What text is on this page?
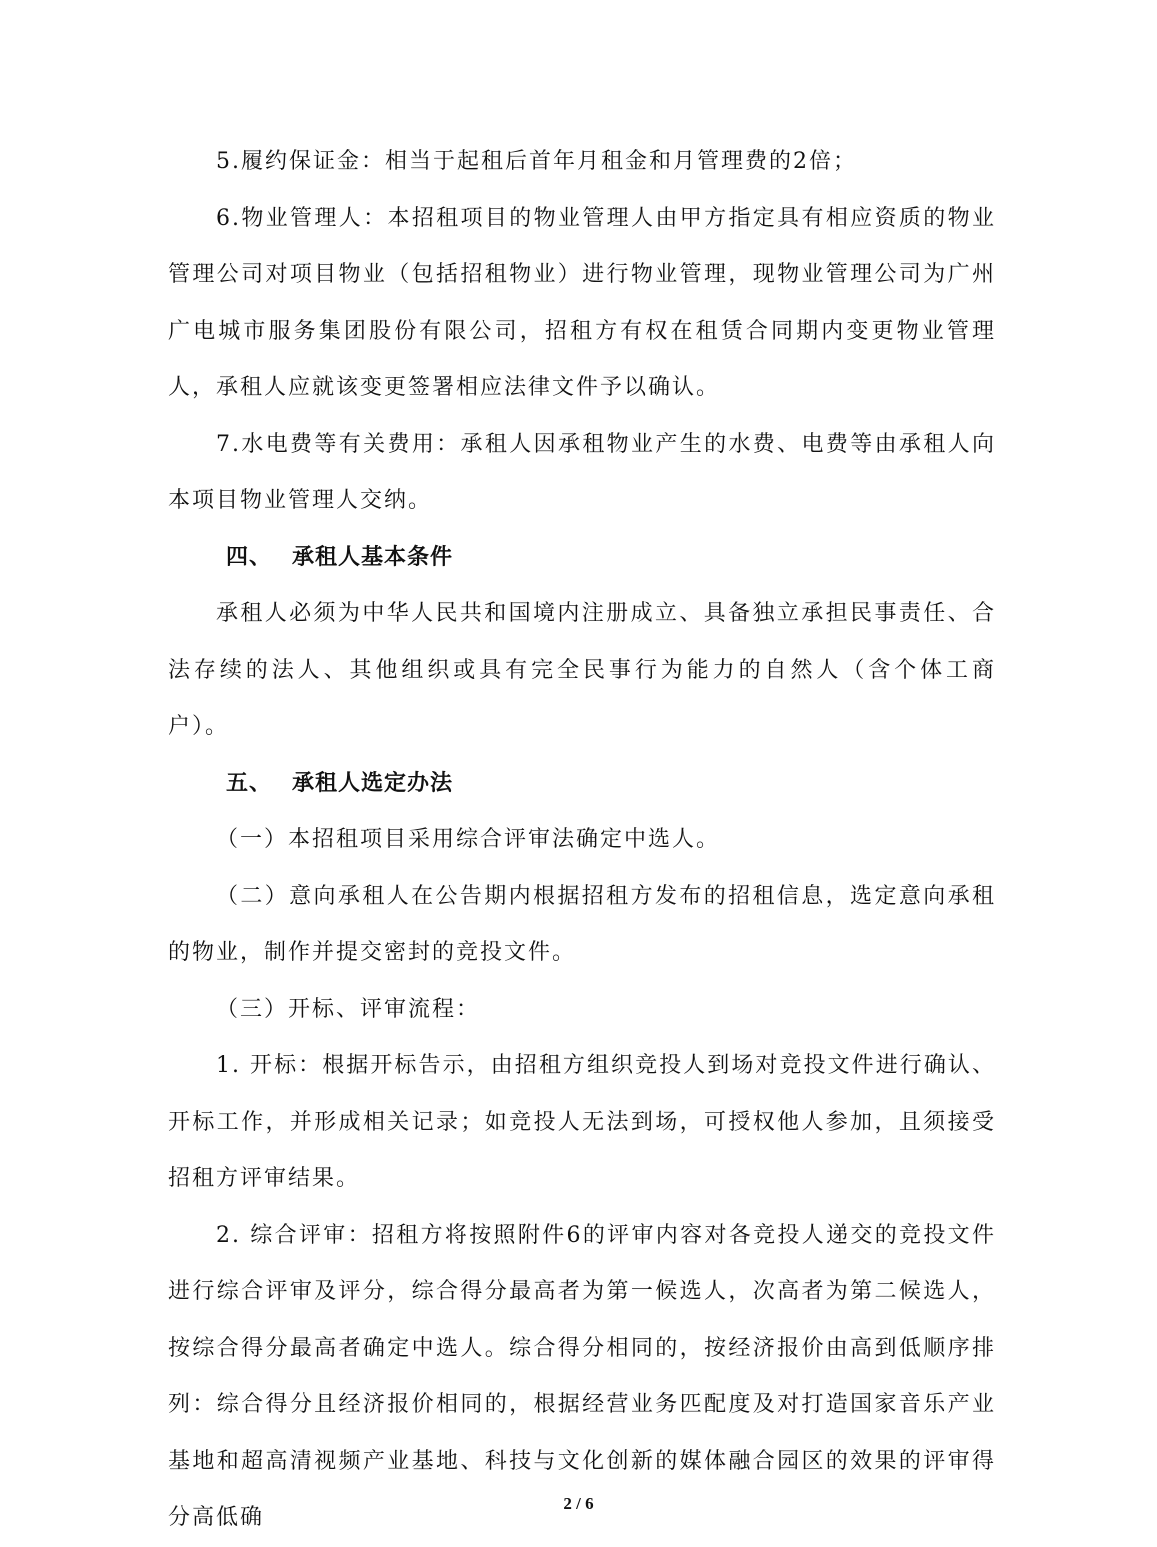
5.履约保证金：相当于起租后首年月租金和月管理费的2倍；

6.物业管理人：本招租项目的物业管理人由甲方指定具有相应资质的物业管理公司对项目物业（包括招租物业）进行物业管理，现物业管理公司为广州广电城市服务集团股份有限公司，招租方有权在租赁合同期内变更物业管理人，承租人应就该变更签署相应法律文件予以确认。

7.水电费等有关费用：承租人因承租物业产生的水费、电费等由承租人向本项目物业管理人交纳。

四、 承租人基本条件

承租人必须为中华人民共和国境内注册成立、具备独立承担民事责任、合法存续的法人、其他组织或具有完全民事行为能力的自然人（含个体工商户）。

五、 承租人选定办法

（一）本招租项目采用综合评审法确定中选人。

（二）意向承租人在公告期内根据招租方发布的招租信息，选定意向承租的物业，制作并提交密封的竞投文件。

（三）开标、评审流程：

1. 开标：根据开标告示，由招租方组织竞投人到场对竞投文件进行确认、开标工作，并形成相关记录；如竞投人无法到场，可授权他人参加，且须接受招租方评审结果。

2. 综合评审：招租方将按照附件6的评审内容对各竞投人递交的竞投文件进行综合评审及评分，综合得分最高者为第一候选人，次高者为第二候选人，按综合得分最高者确定中选人。综合得分相同的，按经济报价由高到低顺序排列：综合得分且经济报价相同的，根据经营业务匹配度及对打造国家音乐产业基地和超高清视频产业基地、科技与文化创新的媒体融合园区的效果的评审得分高低确

2 / 6
